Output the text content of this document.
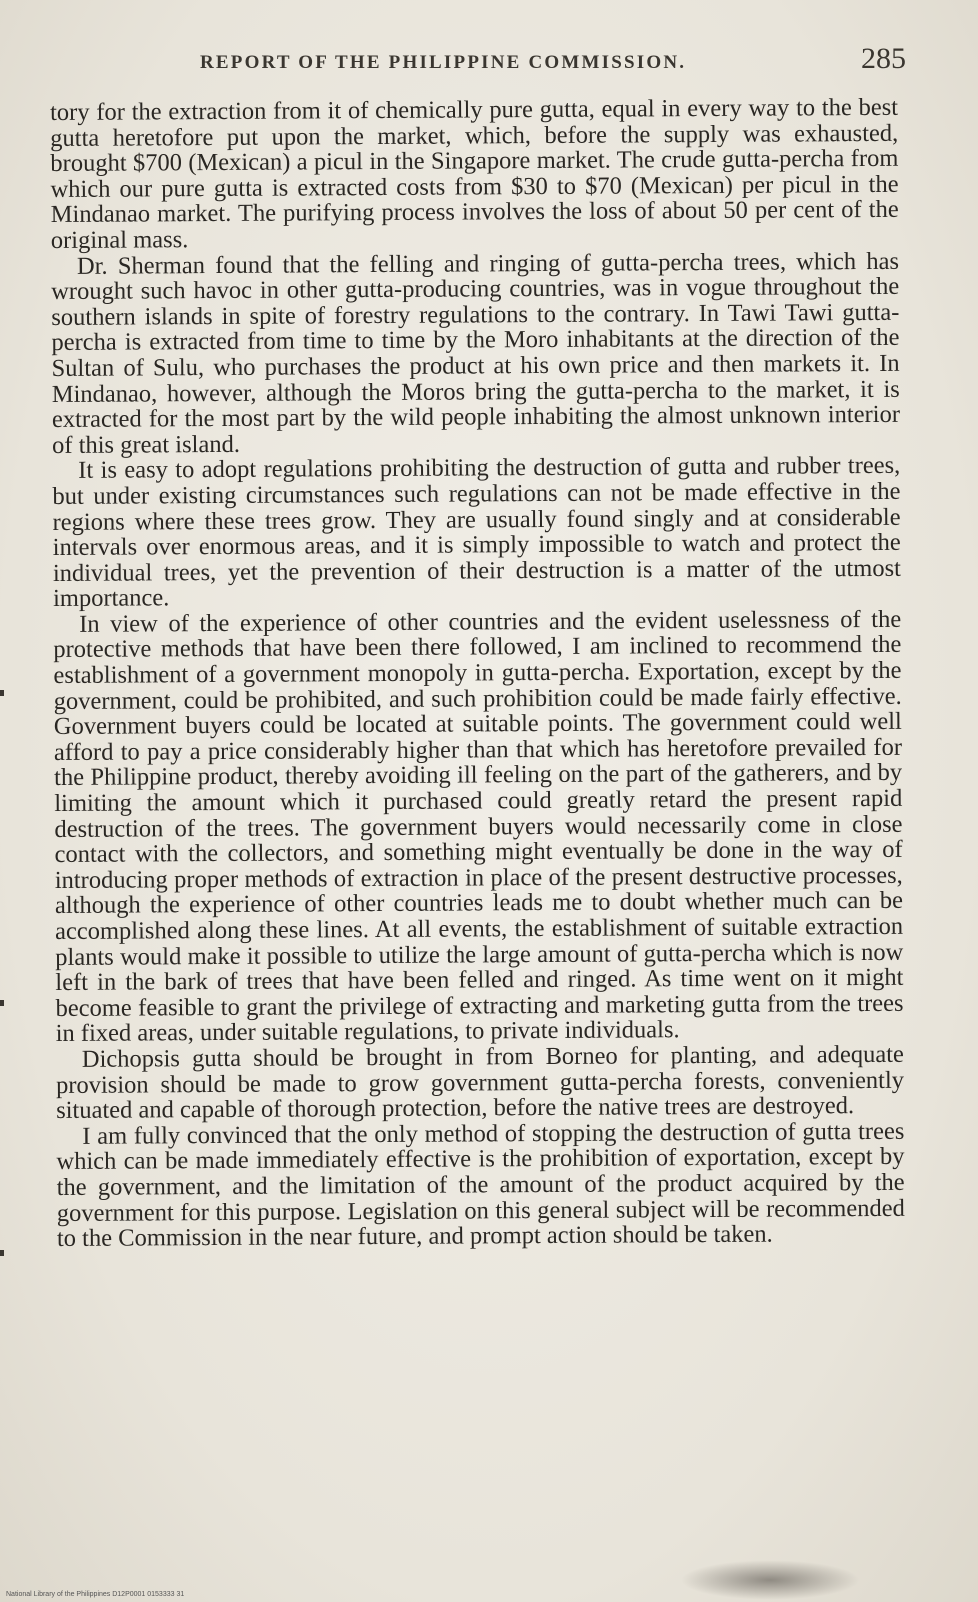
REPORT OF THE PHILIPPINE COMMISSION.	285

tory for the extraction from it of chemically pure gutta, equal in every way to the best gutta heretofore put upon the market, which, before the supply was exhausted, brought $700 (Mexican) a picul in the Singapore market. The crude gutta-percha from which our pure gutta is extracted costs from $30 to $70 (Mexican) per picul in the Mindanao market. The purifying process involves the loss of about 50 per cent of the original mass.

Dr. Sherman found that the felling and ringing of gutta-percha trees, which has wrought such havoc in other gutta-producing countries, was in vogue throughout the southern islands in spite of forestry regulations to the contrary. In Tawi Tawi gutta-percha is extracted from time to time by the Moro inhabitants at the direction of the Sultan of Sulu, who purchases the product at his own price and then markets it. In Mindanao, however, although the Moros bring the gutta-percha to the market, it is extracted for the most part by the wild people inhabiting the almost unknown interior of this great island.

It is easy to adopt regulations prohibiting the destruction of gutta and rubber trees, but under existing circumstances such regulations can not be made effective in the regions where these trees grow. They are usually found singly and at considerable intervals over enormous areas, and it is simply impossible to watch and protect the individual trees, yet the prevention of their destruction is a matter of the utmost importance.

In view of the experience of other countries and the evident uselessness of the protective methods that have been there followed, I am inclined to recommend the establishment of a government monopoly in gutta-percha. Exportation, except by the government, could be prohibited, and such prohibition could be made fairly effective. Government buyers could be located at suitable points. The government could well afford to pay a price considerably higher than that which has heretofore prevailed for the Philippine product, thereby avoiding ill feeling on the part of the gatherers, and by limiting the amount which it purchased could greatly retard the present rapid destruction of the trees. The government buyers would necessarily come in close contact with the collectors, and something might eventually be done in the way of introducing proper methods of extraction in place of the present destructive processes, although the experience of other countries leads me to doubt whether much can be accomplished along these lines. At all events, the establishment of suitable extraction plants would make it possible to utilize the large amount of gutta-percha which is now left in the bark of trees that have been felled and ringed. As time went on it might become feasible to grant the privilege of extracting and marketing gutta from the trees in fixed areas, under suitable regulations, to private individuals.

Dichopsis gutta should be brought in from Borneo for planting, and adequate provision should be made to grow government gutta-percha forests, conveniently situated and capable of thorough protection, before the native trees are destroyed.

I am fully convinced that the only method of stopping the destruction of gutta trees which can be made immediately effective is the prohibition of exportation, except by the government, and the limitation of the amount of the product acquired by the government for this purpose. Legislation on this general subject will be recommended to the Commission in the near future, and prompt action should be taken.

National Library of the Philippines D12P0001 0153333 31
